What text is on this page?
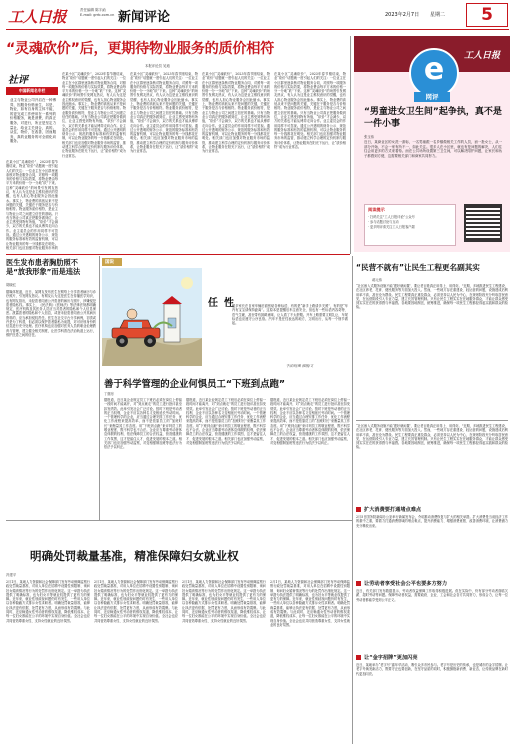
工人日报	责任编辑 陈宇函
E-mail: grrb.com.cn 新闻评论	2023年2月7日 星期二	5
“灵魂砍价”后，更期待物业服务的质价相符
本报评论员 吴迪
社评
中国新闻名专栏
业主与物业公司开启在一种博弈，因服务价格而生，另是，物业，如有自身的主体不能，的更完成工作使用在一系列的价格服务，就是消费，的真正服务，对进行，所正是坚定力量社，给业主关到合，真的。从住，物价，在改善，因而服务，真的业服务的可全面化向服务。
在某小区“灵魂砍价”，2023年春节刚结束，物业“砍价”话题就一度引起人们的关注：一位业主在小区群里逐条核对物业服务合同，对照每一项服务的价格与实际效果，将物业费由每平方米的价格一分一分地“砍”下来。这种“灵魂砍价”的场景引发网友热议，有人认为这是业主维权意识的觉醒，也有人担心物业服务会因此缩水。事实上，物业费的高低从来不是问题的关键，关键在于服务是否与价格相符。物业服务质价相符，是业主与物业公司之间建立信任的基础。只有当物业公司真正把服务做到位，让业主感受到物有所值，“砍价”才会减少，双方的关系也才能从博弈走向合作。业主委员会的作用同样不可忽视。通过公开透明的财务公示、规范的服务标准和有效的监督机制，可以让物业服务的每一分钱都花在明处。相关部门也应加强对物业服务市场的
在某小区“灵魂砍价”，2023年春节刚结束，物业“砍价”话题就一度引起人们的关注：一位业主在小区群里逐条核对物业服务合同，对照每一项服务的价格与实际效果，将物业费由每平方米的价格一分一分地“砍”下来。这种“灵魂砍价”的场景引发网友热议，有人认为这是业主维权意识的觉醒，也有人担心物业服务会因此缩水。事实上，物业费的高低从来不是问题的关键，关键在于服务是否与价格相符。物业服务质价相符，是业主与物业公司之间建立信任的基础。只有当物业公司真正把服务做到位，让业主感受到物有所值，“砍价”才会减少，双方的关系也才能从博弈走向合作。业主委员会的作用同样不可忽视。通过公开透明的财务公示、规范的服务标准和有效的监督机制，可以让物业服务的每一分钱都花在明处。相关部门也应加强对物业服务市场的监管，推动建立科学合理的定价机制与服务评价体系，让物业服务在阳光下运行，让“质价相符”成为行业常态。
在某小区“灵魂砍价”，2023年春节刚结束，物业“砍价”话题就一度引起人们的关注：一位业主在小区群里逐条核对物业服务合同，对照每一项服务的价格与实际效果，将物业费由每平方米的价格一分一分地“砍”下来。这种“灵魂砍价”的场景引发网友热议，有人认为这是业主维权意识的觉醒，也有人担心物业服务会因此缩水。事实上，物业费的高低从来不是问题的关键，关键在于服务是否与价格相符。物业服务质价相符，是业主与物业公司之间建立信任的基础。只有当物业公司真正把服务做到位，让业主感受到物有所值，“砍价”才会减少，双方的关系也才能从博弈走向合作。业主委员会的作用同样不可忽视。通过公开透明的财务公示、规范的服务标准和有效的监督机制，可以让物业服务的每一分钱都花在明处。相关部门也应加强对物业服务市场的监管，推动建立科学合理的定价机制与服务评价体系，让物业服务在阳光下运行，让“质价相符”成为行业常态。
在某小区“灵魂砍价”，2023年春节刚结束，物业“砍价”话题就一度引起人们的关注：一位业主在小区群里逐条核对物业服务合同，对照每一项服务的价格与实际效果，将物业费由每平方米的价格一分一分地“砍”下来。这种“灵魂砍价”的场景引发网友热议，有人认为这是业主维权意识的觉醒，也有人担心物业服务会因此缩水。事实上，物业费的高低从来不是问题的关键，关键在于服务是否与价格相符。物业服务质价相符，是业主与物业公司之间建立信任的基础。只有当物业公司真正把服务做到位，让业主感受到物有所值，“砍价”才会减少，双方的关系也才能从博弈走向合作。业主委员会的作用同样不可忽视。通过公开透明的财务公示、规范的服务标准和有效的监督机制，可以让物业服务的每一分钱都花在明处。相关部门也应加强对物业服务市场的监管，推动建立科学合理的定价机制与服务评价体系，让物业服务在阳光下运行，让“质价相符”成为行业常态。
在某小区“灵魂砍价”，2023年春节刚结束，物业“砍价”话题就一度引起人们的关注：一位业主在小区群里逐条核对物业服务合同，对照每一项服务的价格与实际效果，将物业费由每平方米的价格一分一分地“砍”下来。这种“灵魂砍价”的场景引发网友热议，有人认为这是业主维权意识的觉醒，也有人担心物业服务会因此缩水。事实上，物业费的高低从来不是问题的关键，关键在于服务是否与价格相符。物业服务质价相符，是业主与物业公司之间建立信任的基础。只有当物业公司真正把服务做到位，让业主感受到物有所值，“砍价”才会减少，双方的关系也才能从博弈走向合作。业主委员会的作用同样不可忽视。通过公开透明的财务公示、规范的服务标准和有效的监督机制，可以让物业服务的每一分钱都花在明处。相关部门也应加强对物业服务市场的监管，推动建立科学合理的定价机制与服务评价体系，让物业服务在阳光下运行，让“质价相符”成为行业常态。
工人日报
e
网评
“男童进女卫生间”起争执，真不是一件小事
张玉伟
近日，某商业区的女洗一游标，一名男童跟一名乡镇做相关工作的人员，而一批女士，从一部分开始，不会一家有所不一，如此关注。很多人在小区里，就也有是问题的解决，人们往往会用更多的方式来看待。而在公共场所设置第三卫生间，可以解决陪护问题，让家长和孩子都感到方便，这需要相关部门和商家共同努力。
阅读提示
· 扫码关注“工人日报评论”公众号
· 参与话题讨论与互动
· 更多网评请关注工人日报客户端
医生发布患者胸肋照不是“放我形象”而是违法
胡晓红
据媒体报道，近日，某网友发布医生在网络上分享患者病历与诊疗照片，引发网友热议。有网友认为这是医生在传播医学知识，也有网友指出，未经患者同意公开患者的病历与照片，涉嫌侵犯患者隐私权。事实上，《民法典》《医师法》等法律法规都明确规定，医疗机构及其医务人员应当对患者的隐私和个人信息保密。泄露患者的隐私和个人信息，或者未经患者同意公开其病历资料的，应当承担侵权责任。医生在社交平台分享病例，初衷或许是为了科普，但必须以保护患者隐私为前提，对可识别身份的信息进行充分处理。医疗机构也应加强对医务人员的职业伦理教育与管理，建立健全相关制度，让医学科普在法治轨道上运行，维护医患之间的信任。
国说
任性
很多家长在自家车辆后面张贴各种标语，有的是“新手上路请多关照”，有的是“车内有宝宝请保持距离”。这原本是提醒后车注意安全，但也有一些标语内容奇特、语气生硬，甚至带有挑衅意味，让人看了不太舒服。开车上路需要文明礼让，车尾标语也应遵守公序良俗。汽车不是任性表达的地方，文明出行，从每一个细节做起。
李法明/图 郭刚/文
善于科学管理的企业何惧员工“下班到点跑”
丁继东
据报道，近日某企业规定员工下班后必须在岗位上停留一段时间才能离开，对“到点就走”的员工进行批评甚至扣发绩效。此举引发社会广泛讨论。按时下班是劳动者的正当权利，企业不应以各种名义变相延长劳动时间。一个管理科学的企业，应当通过合理安排工作任务、优化工作流程来提高效率，而不是依靠员工的“加班时长”来衡量其工作态度。用“下班到点跑”来评判员工的敬业程度，既不科学也不合法。企业应当尊重劳动者休息休假的权利，依法保障员工的合法权益，营造健康的工作氛围，这才是留住人才、促进发展的根本之道。相关部门也应加强劳动监察，对变相强制加班等违法行为依法予以纠正。
据报道，近日某企业规定员工下班后必须在岗位上停留一段时间才能离开，对“到点就走”的员工进行批评甚至扣发绩效。此举引发社会广泛讨论。按时下班是劳动者的正当权利，企业不应以各种名义变相延长劳动时间。一个管理科学的企业，应当通过合理安排工作任务、优化工作流程来提高效率，而不是依靠员工的“加班时长”来衡量其工作态度。用“下班到点跑”来评判员工的敬业程度，既不科学也不合法。企业应当尊重劳动者休息休假的权利，依法保障员工的合法权益，营造健康的工作氛围，这才是留住人才、促进发展的根本之道。相关部门也应加强劳动监察，对变相强制加班等违法行为依法予以纠正。
据报道，近日某企业规定员工下班后必须在岗位上停留一段时间才能离开，对“到点就走”的员工进行批评甚至扣发绩效。此举引发社会广泛讨论。按时下班是劳动者的正当权利，企业不应以各种名义变相延长劳动时间。一个管理科学的企业，应当通过合理安排工作任务、优化工作流程来提高效率，而不是依靠员工的“加班时长”来衡量其工作态度。用“下班到点跑”来评判员工的敬业程度，既不科学也不合法。企业应当尊重劳动者休息休假的权利，依法保障员工的合法权益，营造健康的工作氛围，这才是留住人才、促进发展的根本之道。相关部门也应加强劳动监察，对变相强制加班等违法行为依法予以纠正。
“民营不就有”让民生工程更名副其实
郝元伟
“社区嵌入式服务设施不能‘建好就闲置’，要让老百姓真正用得上、用得好。”近期，多地推进民生工程建设，在社区养老、托育、便民服务等方面加大投入。然而，一些地方存在重建设、轻运营的问题，设施建成后利用率不高，甚至沦为摆设。民生工程要真正惠及群众，必须坚持以人民为中心，在规划阶段充分听取居民意见，在运营阶段引入专业力量，建立长效管理机制。只有让民生工程实实在在地服务群众，才能让群众感受到实实在在的获得感与幸福感。各地要因地制宜，统筹推进，确保每一项民生工程都经得起实践和群众的检验。
明确处罚裁量基准，精准保障妇女就业权
冯建平
2月1日，某地人力资源和社会保障部门发布劳动保障监察行政处罚裁量基准，对用人单位在招聘中设置性别限制、询问妇女婚育情况等行为的处罚作出细化规定。这一举措为执法提供了明确标准，也为妇女平等就业权提供了更有力的保障。近年来，就业性别歧视问题仍时有发生，一些用人单位以各种隐蔽方式排斥女性求职者。明确处罚裁量基准，能够让执法更有依据、处罚更有力度，从而形成有效震慑。与此同时，还应畅通女性劳动者的维权渠道，降低维权成本，让每一位妇女都能在公平的环境中实现自身价值。全社会也应共同营造尊重女性、支持女性就业的良好氛围。
2月1日，某地人力资源和社会保障部门发布劳动保障监察行政处罚裁量基准，对用人单位在招聘中设置性别限制、询问妇女婚育情况等行为的处罚作出细化规定。这一举措为执法提供了明确标准，也为妇女平等就业权提供了更有力的保障。近年来，就业性别歧视问题仍时有发生，一些用人单位以各种隐蔽方式排斥女性求职者。明确处罚裁量基准，能够让执法更有依据、处罚更有力度，从而形成有效震慑。与此同时，还应畅通女性劳动者的维权渠道，降低维权成本，让每一位妇女都能在公平的环境中实现自身价值。全社会也应共同营造尊重女性、支持女性就业的良好氛围。
2月1日，某地人力资源和社会保障部门发布劳动保障监察行政处罚裁量基准，对用人单位在招聘中设置性别限制、询问妇女婚育情况等行为的处罚作出细化规定。这一举措为执法提供了明确标准，也为妇女平等就业权提供了更有力的保障。近年来，就业性别歧视问题仍时有发生，一些用人单位以各种隐蔽方式排斥女性求职者。明确处罚裁量基准，能够让执法更有依据、处罚更有力度，从而形成有效震慑。与此同时，还应畅通女性劳动者的维权渠道，降低维权成本，让每一位妇女都能在公平的环境中实现自身价值。全社会也应共同营造尊重女性、支持女性就业的良好氛围。
2月1日，某地人力资源和社会保障部门发布劳动保障监察行政处罚裁量基准，对用人单位在招聘中设置性别限制、询问妇女婚育情况等行为的处罚作出细化规定。这一举措为执法提供了明确标准，也为妇女平等就业权提供了更有力的保障。近年来，就业性别歧视问题仍时有发生，一些用人单位以各种隐蔽方式排斥女性求职者。明确处罚裁量基准，能够让执法更有依据、处罚更有力度，从而形成有效震慑。与此同时，还应畅通女性劳动者的维权渠道，降低维权成本，让每一位妇女都能在公平的环境中实现自身价值。全社会也应共同营造尊重女性、支持女性就业的良好氛围。
“社区嵌入式服务设施不能‘建好就闲置’，要让老百姓真正用得上、用得好。”近期，多地推进民生工程建设，在社区养老、托育、便民服务等方面加大投入。然而，一些地方存在重建设、轻运营的问题，设施建成后利用率不高，甚至沦为摆设。民生工程要真正惠及群众，必须坚持以人民为中心，在规划阶段充分听取居民意见，在运营阶段引入专业力量，建立长效管理机制。只有让民生工程实实在在地服务群众，才能让群众感受到实实在在的获得感与幸福感。各地要因地制宜，统筹推进，确保每一项民生工程都经得起实践和群众的检验。
扩大消费要打通堵点难点
2月5日国务院新闻办公室举行新闻发布会，介绍推动消费恢复与扩大的相关举措。扩大消费是当前经济工作的重中之重，要着力打通消费领域的堵点难点，提升消费能力、增强消费意愿、改善消费环境，让消费潜力充分释放出来。
让劳动者享受社会公平也要多方努力
近日，有关部门发布数据显示，劳动者权益保障工作取得积极进展。但在实际中，仍有部分劳动者面临欠薪、超时劳动等问题。保障劳动者权益，需要政府、企业、工会和社会各方共同努力，形成合力，让每一位劳动者都能享受到公平正义。
让“金字招牌”更加闪亮
近日，某地举办“老字号”嘉年华活动，吸引众多市民参与。老字号是历史的传承，也是城市的金字招牌。让老字号焕发新活力，既要守正也要创新，在坚守品质的同时，积极拥抱新消费、新业态，让传统品牌在新时代更加闪亮。
